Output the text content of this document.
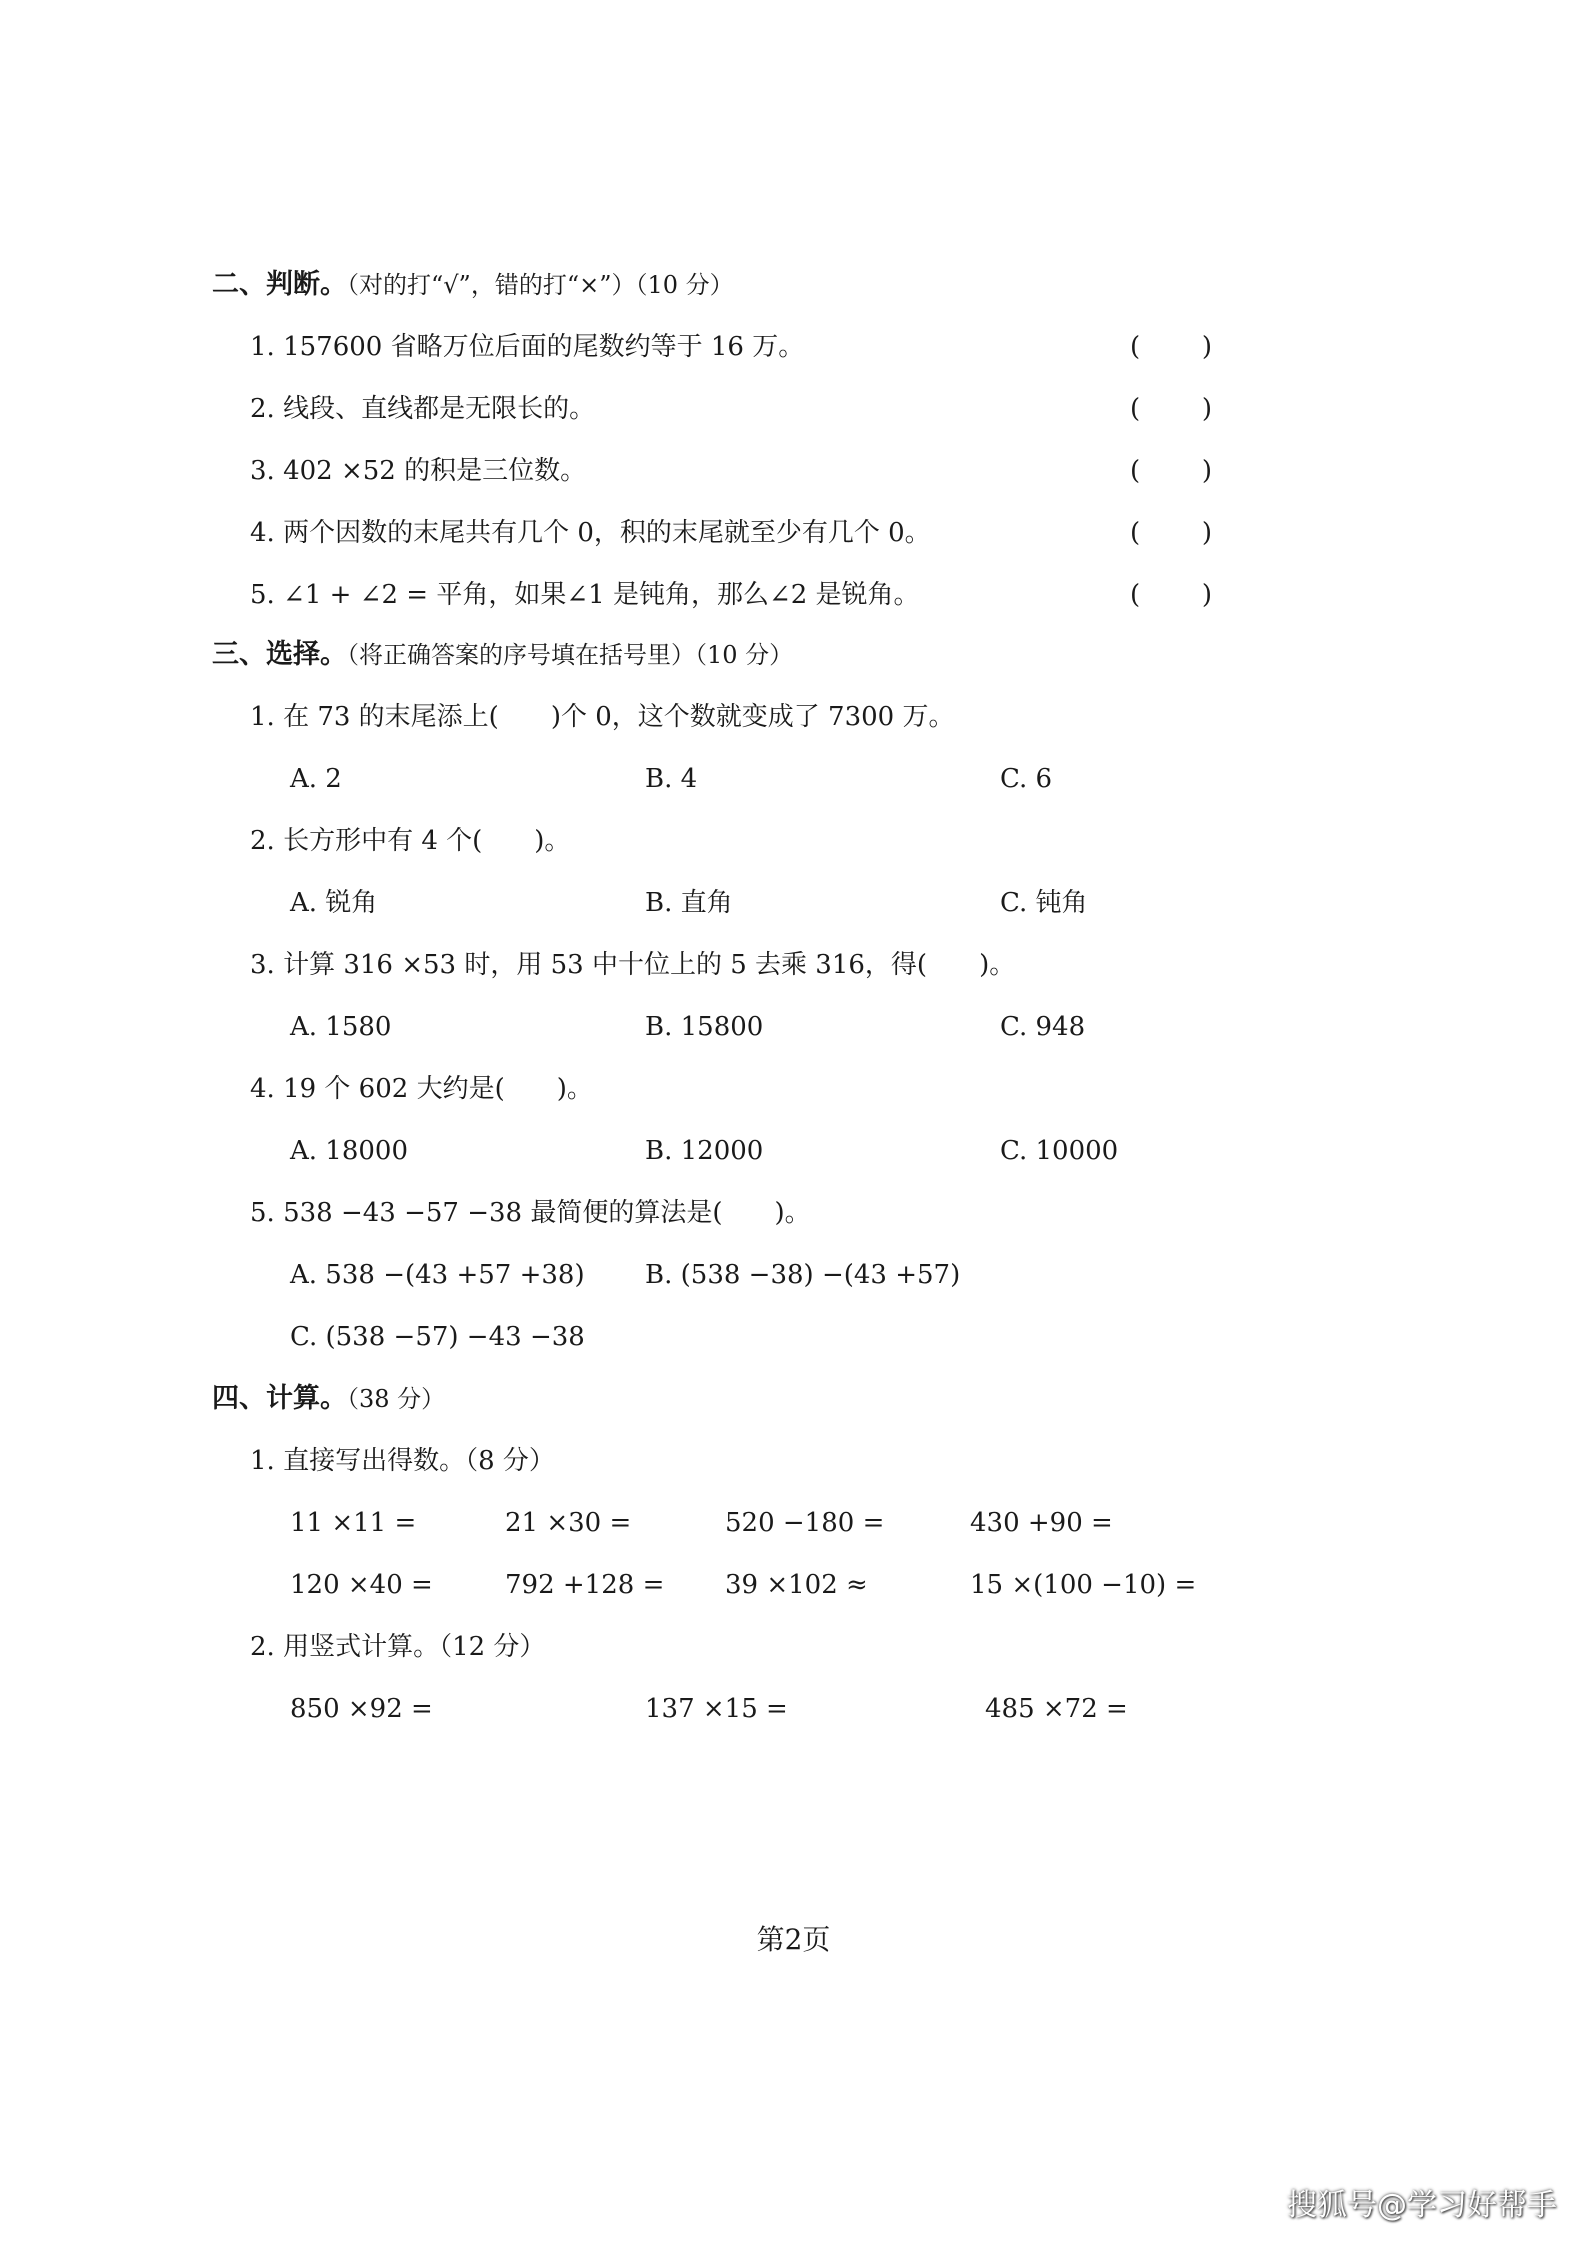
二、判断。（对的打“√”，错的打“×”）（10 分）
1. 157600 省略万位后面的尾数约等于 16 万。	( )
2. 线段、直线都是无限长的。	( )
3. 402 ×52 的积是三位数。	( )
4. 两个因数的末尾共有几个 0，积的末尾就至少有几个 0。	( )
5. ∠1 + ∠2 = 平角，如果∠1 是钝角，那么∠2 是锐角。	( )
三、选择。（将正确答案的序号填在括号里）（10 分）
1. 在 73 的末尾添上(　　)个 0，这个数就变成了 7300 万。
A. 2	B. 4	C. 6
2. 长方形中有 4 个(　　)。
A. 锐角	B. 直角	C. 钝角
3. 计算 316 ×53 时，用 53 中十位上的 5 去乘 316，得(　　)。
A. 1580	B. 15800	C. 948
4. 19 个 602 大约是(　　)。
A. 18000	B. 12000	C. 10000
5. 538 −43 −57 −38 最简便的算法是(　　)。
A. 538 −(43 +57 +38) B. (538 −38) −(43 +57)
C. (538 −57) −43 −38
四、计算。（38 分）
1. 直接写出得数。（8 分）
11 ×11 =	21 ×30 =	520 −180 =	430 +90 =
120 ×40 =	792 +128 = 39 ×102 ≈	15 ×(100 −10) =
2. 用竖式计算。（12 分）
850 ×92 =	137 ×15 =	485 ×72 =
第2页
搜狐号@学习好帮手
